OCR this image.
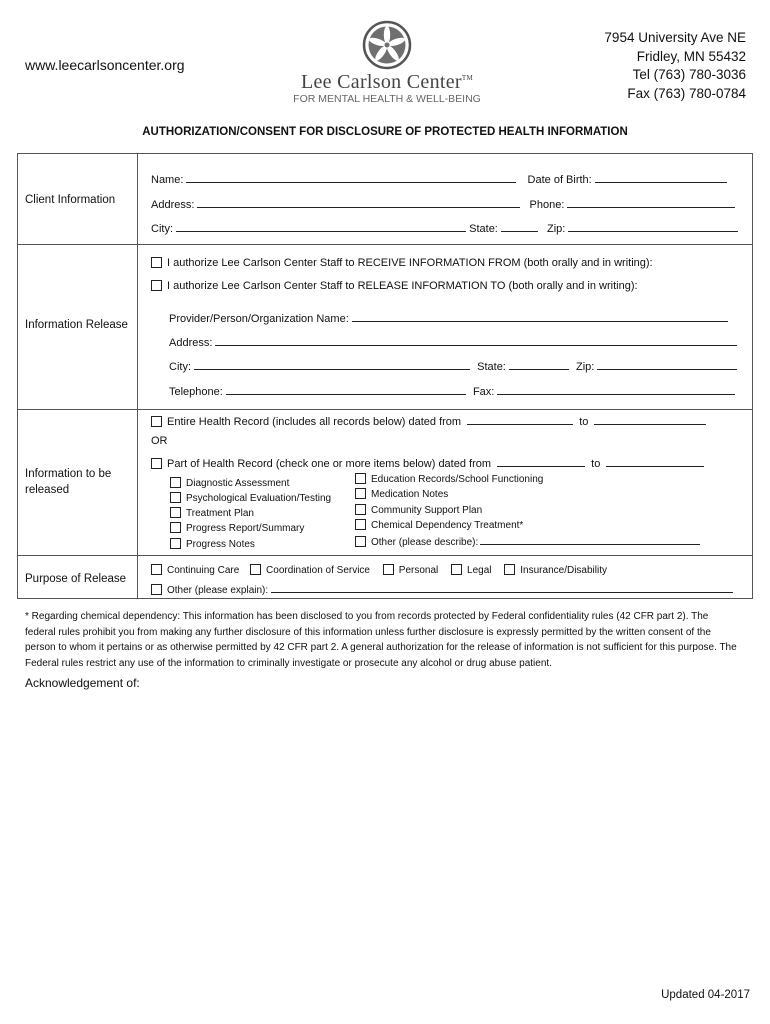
www.leecarlsoncenter.org
Lee Carlson Center™
FOR MENTAL HEALTH & WELL-BEING
7954 University Ave NE
Fridley, MN 55432
Tel (763) 780-3036
Fax (763) 780-0784
AUTHORIZATION/CONSENT FOR DISCLOSURE OF PROTECTED HEALTH INFORMATION
Client Information
Name:	Date of Birth:
Address:	Phone:
City:	State:	Zip:
Information Release
I authorize Lee Carlson Center Staff to RECEIVE INFORMATION FROM (both orally and in writing):
I authorize Lee Carlson Center Staff to RELEASE INFORMATION TO (both orally and in writing):
Provider/Person/Organization Name:
Address:
City:	State:	Zip:
Telephone:	Fax:
Information to be
released
Entire Health Record (includes all records below) dated from	to
OR
Part of Health Record (check one or more items below) dated from	to
Diagnostic Assessment
Psychological Evaluation/Testing
Treatment Plan
Progress Report/Summary
Progress Notes
Education Records/School Functioning
Medication Notes
Community Support Plan
Chemical Dependency Treatment*
Other (please describe):
Purpose of Release
Continuing Care	Coordination of Service	Personal	Legal	Insurance/Disability
Other (please explain):
* Regarding chemical dependency: This information has been disclosed to you from records protected by Federal confidentiality rules (42 CFR part 2). The federal rules prohibit you from making any further disclosure of this information unless further disclosure is expressly permitted by the written consent of the person to whom it pertains or as otherwise permitted by 42 CFR part 2. A general authorization for the release of information is not sufficient for this purpose. The Federal rules restrict any use of the information to criminally investigate or prosecute any alcohol or drug abuse patient.
Acknowledgement of:
Updated 04-2017
